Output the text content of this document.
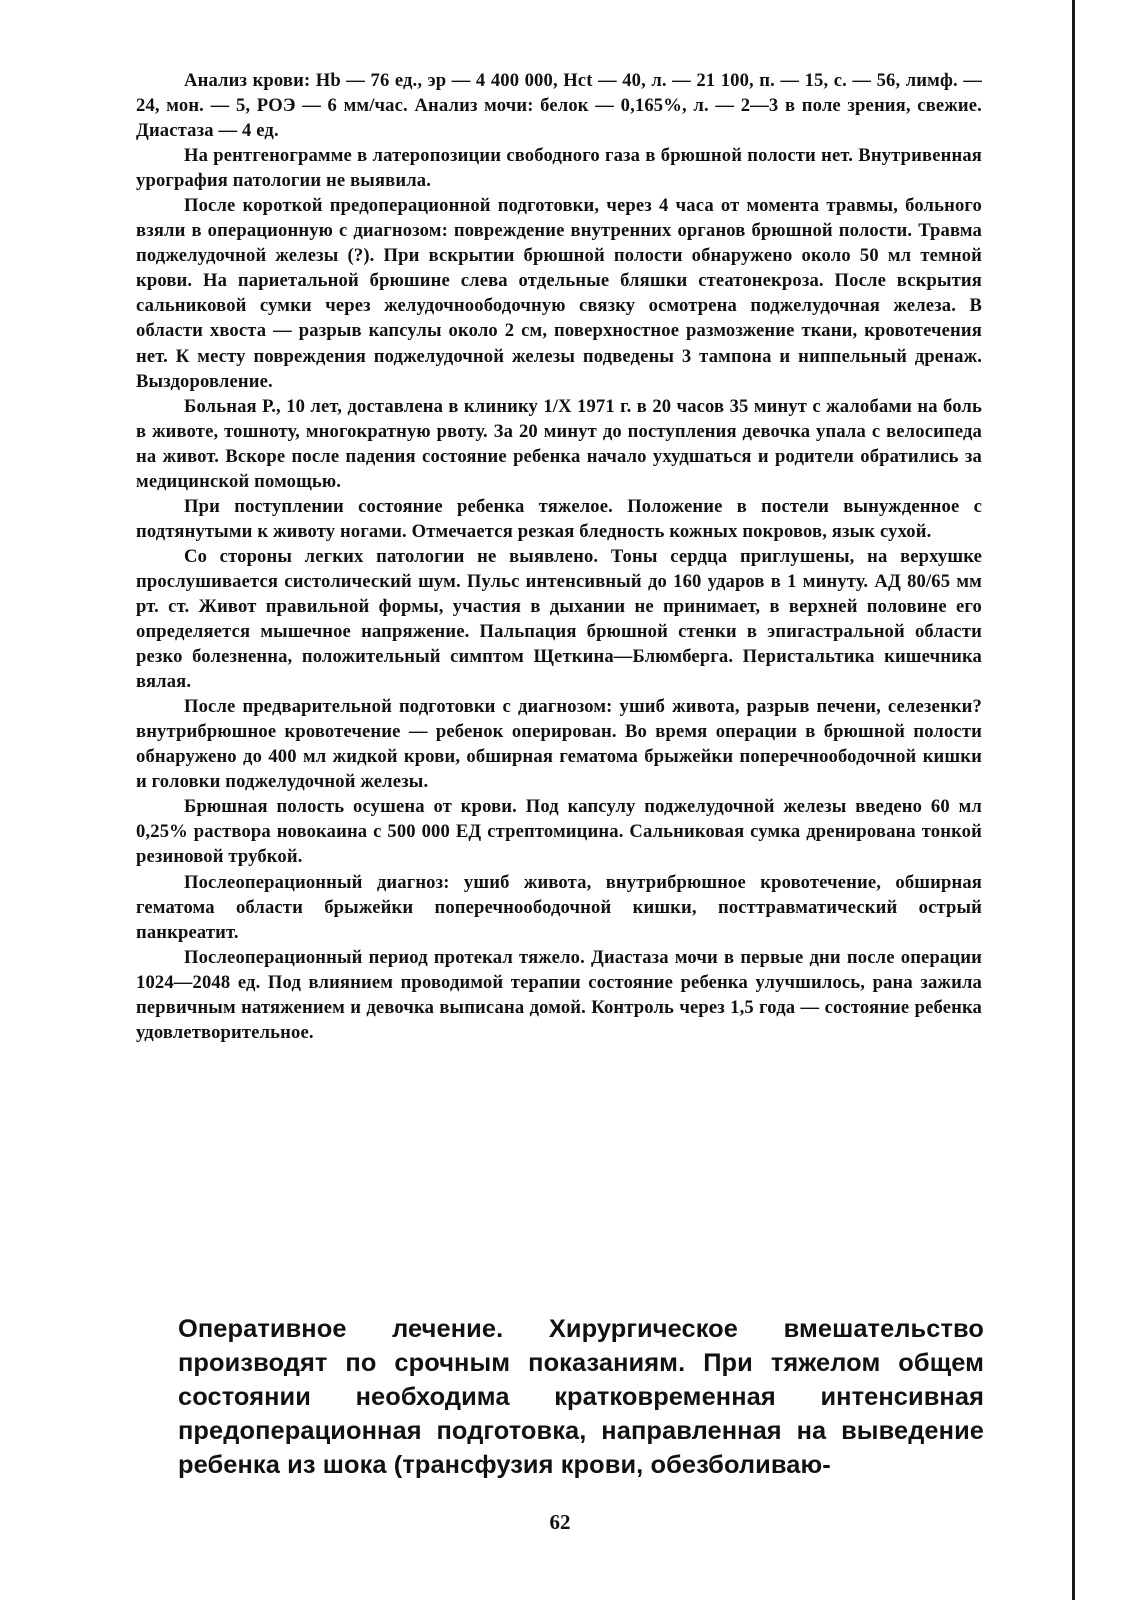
Анализ крови: Hb — 76 ед., эр — 4 400 000, Hct — 40, л. — 21 100, п. — 15, с. — 56, лимф. — 24, мон. — 5, РОЭ — 6 мм/час. Анализ мочи: белок — 0,165%, л. — 2—3 в поле зрения, свежие. Диастаза — 4 ед.

На рентгенограмме в латеропозиции свободного газа в брюшной полости нет. Внутривенная урография патологии не выявила.

После короткой предоперационной подготовки, через 4 часа от момента травмы, больного взяли в операционную с диагнозом: повреждение внутренних органов брюшной полости. Травма поджелудочной железы (?). При вскрытии брюшной полости обнаружено около 50 мл темной крови. На париетальной брюшине слева отдельные бляшки стеатонекроза. После вскрытия сальниковой сумки через желудочноободочную связку осмотрена поджелудочная железа. В области хвоста — разрыв капсулы около 2 см, поверхностное размозжение ткани, кровотечения нет. К месту повреждения поджелудочной железы подведены 3 тампона и ниппельный дренаж. Выздоровление.

Больная Р., 10 лет, доставлена в клинику 1/Х 1971 г. в 20 часов 35 минут с жалобами на боль в животе, тошноту, многократную рвоту. За 20 минут до поступления девочка упала с велосипеда на живот. Вскоре после падения состояние ребенка начало ухудшаться и родители обратились за медицинской помощью.

При поступлении состояние ребенка тяжелое. Положение в постели вынужденное с подтянутыми к животу ногами. Отмечается резкая бледность кожных покровов, язык сухой.

Со стороны легких патологии не выявлено. Тоны сердца приглушены, на верхушке прослушивается систолический шум. Пульс интенсивный до 160 ударов в 1 минуту. АД 80/65 мм рт. ст. Живот правильной формы, участия в дыхании не принимает, в верхней половине его определяется мышечное напряжение. Пальпация брюшной стенки в эпигастральной области резко болезненна, положительный симптом Щеткина—Блюмберга. Перистальтика кишечника вялая.

После предварительной подготовки с диагнозом: ушиб живота, разрыв печени, селезенки? внутрибрюшное кровотечение — ребенок оперирован. Во время операции в брюшной полости обнаружено до 400 мл жидкой крови, обширная гематома брыжейки поперечноободочной кишки и головки поджелудочной железы.

Брюшная полость осушена от крови. Под капсулу поджелудочной железы введено 60 мл 0,25% раствора новокаина с 500 000 ЕД стрептомицина. Сальниковая сумка дренирована тонкой резиновой трубкой.

Послеоперационный диагноз: ушиб живота, внутрибрюшное кровотечение, обширная гематома области брыжейки поперечноободочной кишки, посттравматический острый панкреатит.

Послеоперационный период протекал тяжело. Диастаза мочи в первые дни после операции 1024—2048 ед. Под влиянием проводимой терапии состояние ребенка улучшилось, рана зажила первичным натяжением и девочка выписана домой. Контроль через 1,5 года — состояние ребенка удовлетворительное.

Оперативное лечение. Хирургическое вмешательство производят по срочным показаниям. При тяжелом общем состоянии необходима кратковременная интенсивная предоперационная подготовка, направленная на выведение ребенка из шока (трансфузия крови, обезболиваю-

62
